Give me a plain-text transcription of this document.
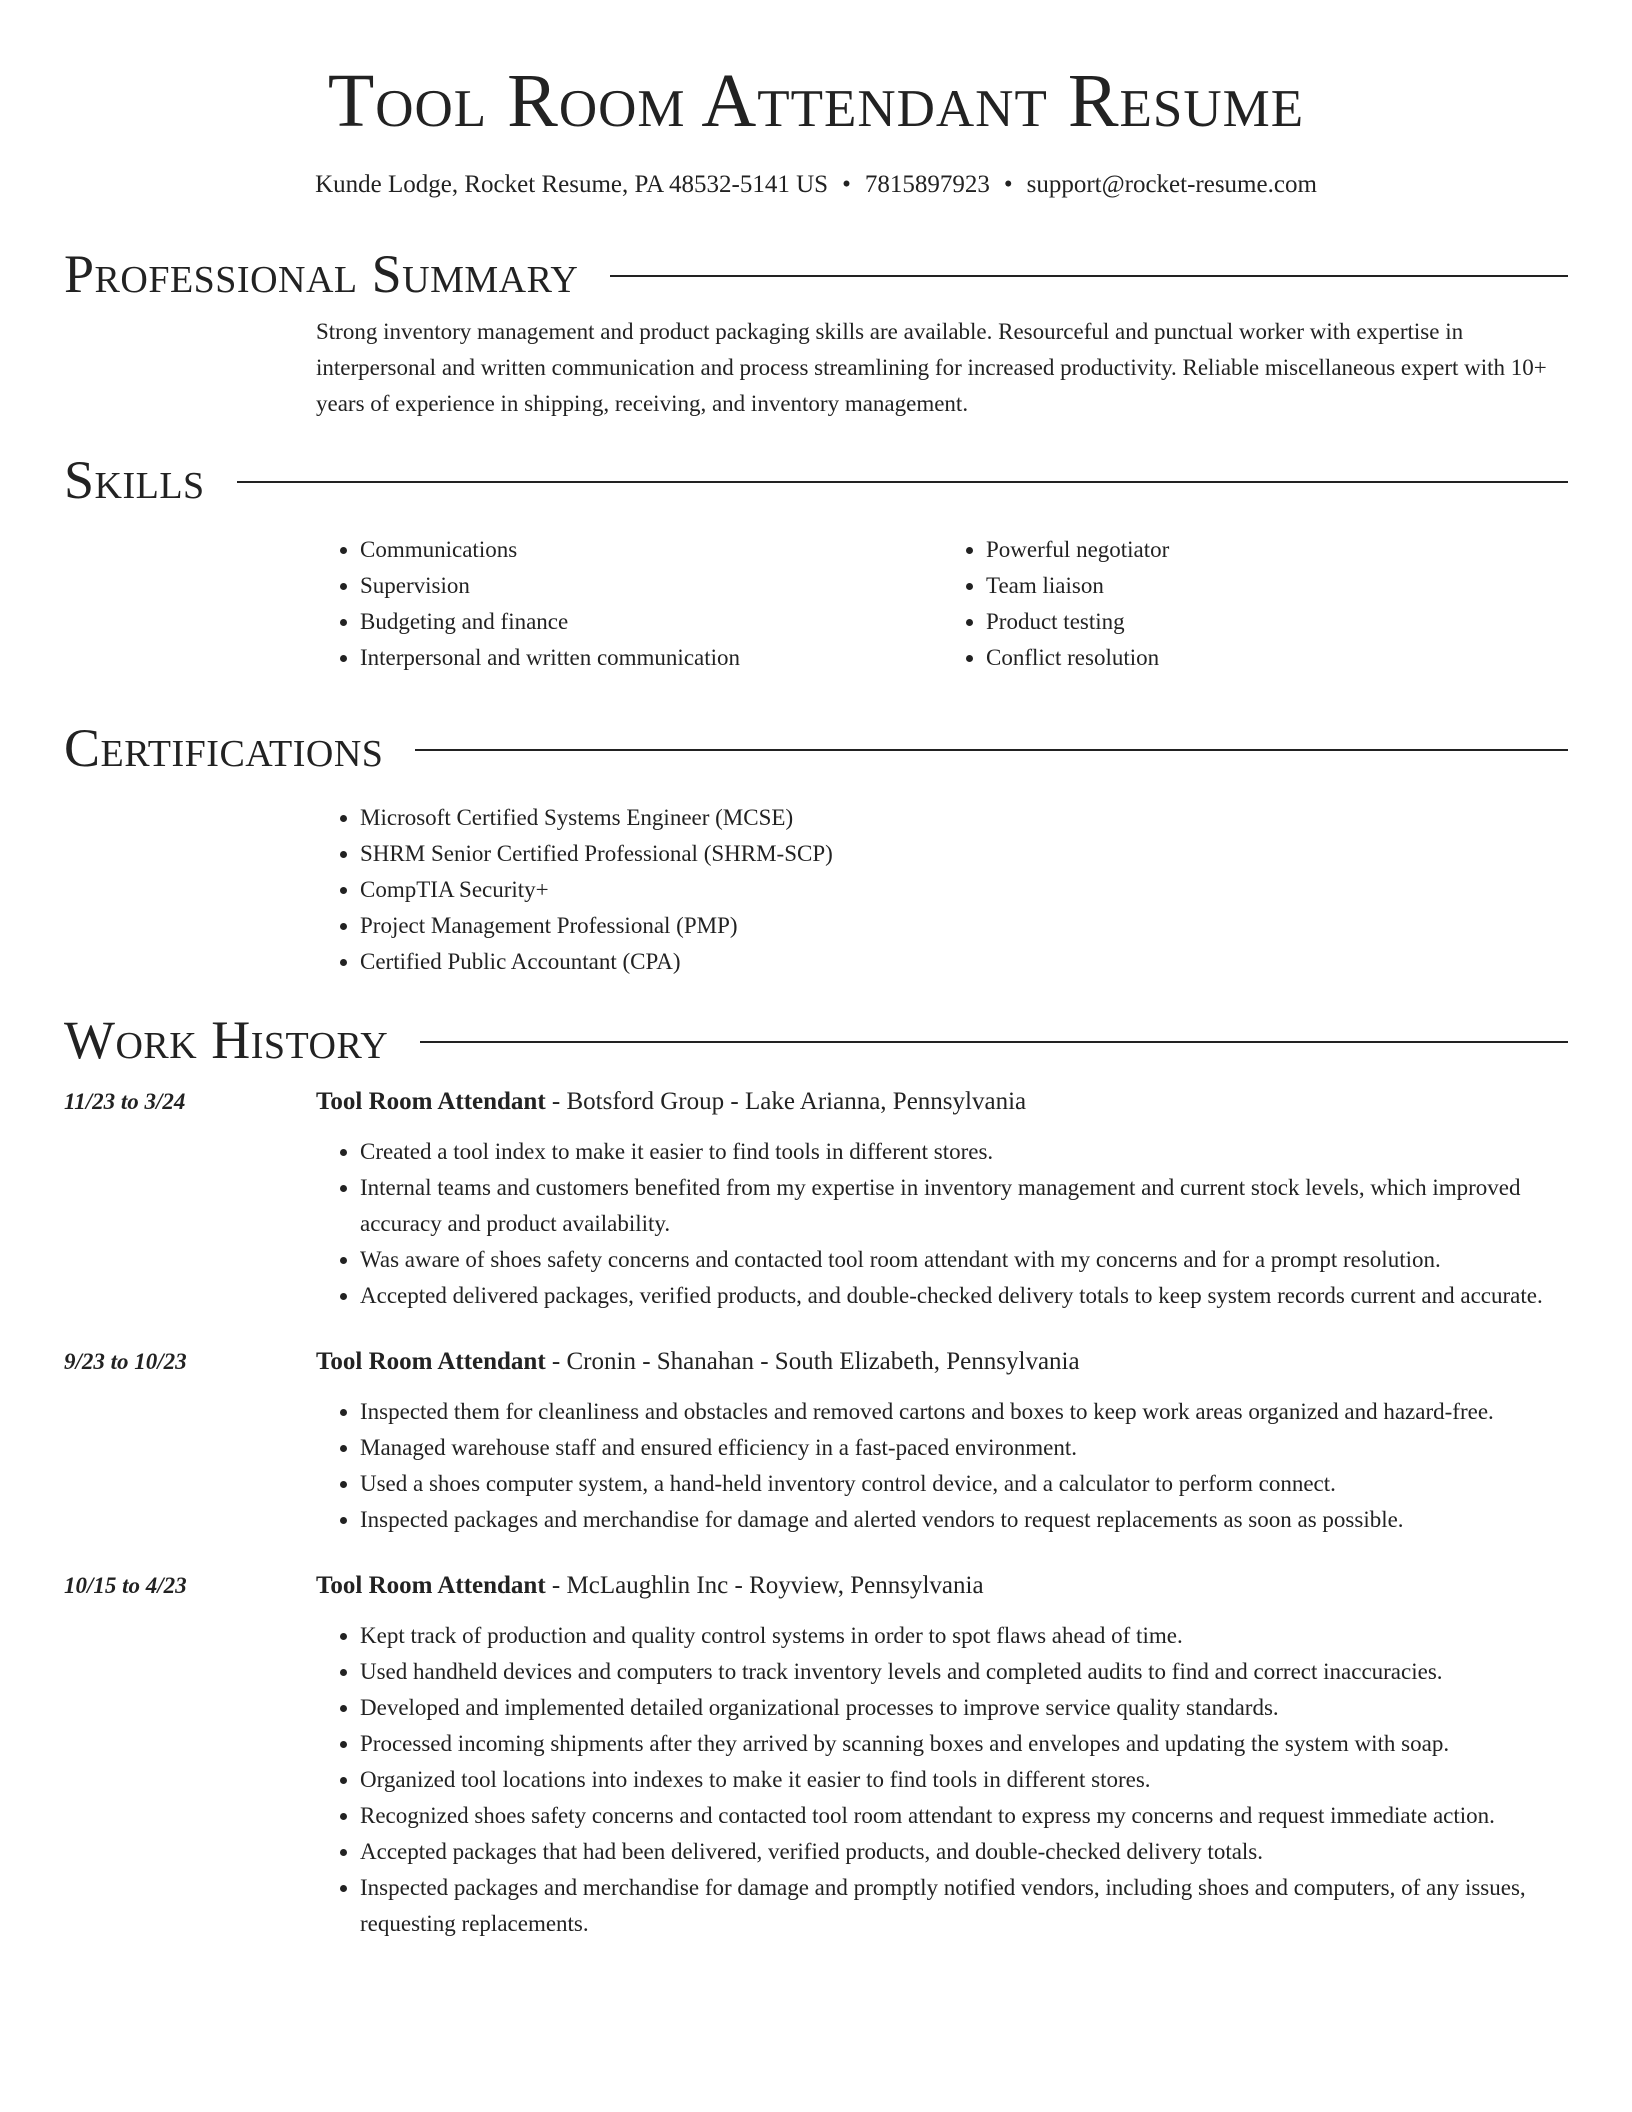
Tool Room Attendant Resume
Kunde Lodge, Rocket Resume, PA 48532-5141 US • 7815897923 • support@rocket-resume.com
Professional Summary
Strong inventory management and product packaging skills are available. Resourceful and punctual worker with expertise in interpersonal and written communication and process streamlining for increased productivity. Reliable miscellaneous expert with 10+ years of experience in shipping, receiving, and inventory management.
Skills
• Communications
• Supervision
• Budgeting and finance
• Interpersonal and written communication
• Powerful negotiator
• Team liaison
• Product testing
• Conflict resolution
Certifications
• Microsoft Certified Systems Engineer (MCSE)
• SHRM Senior Certified Professional (SHRM-SCP)
• CompTIA Security+
• Project Management Professional (PMP)
• Certified Public Accountant (CPA)
Work History
11/23 to 3/24	Tool Room Attendant - Botsford Group - Lake Arianna, Pennsylvania
• Created a tool index to make it easier to find tools in different stores.
• Internal teams and customers benefited from my expertise in inventory management and current stock levels, which improved accuracy and product availability.
• Was aware of shoes safety concerns and contacted tool room attendant with my concerns and for a prompt resolution.
• Accepted delivered packages, verified products, and double-checked delivery totals to keep system records current and accurate.
9/23 to 10/23	Tool Room Attendant - Cronin - Shanahan - South Elizabeth, Pennsylvania
• Inspected them for cleanliness and obstacles and removed cartons and boxes to keep work areas organized and hazard-free.
• Managed warehouse staff and ensured efficiency in a fast-paced environment.
• Used a shoes computer system, a hand-held inventory control device, and a calculator to perform connect.
• Inspected packages and merchandise for damage and alerted vendors to request replacements as soon as possible.
10/15 to 4/23	Tool Room Attendant - McLaughlin Inc - Royview, Pennsylvania
• Kept track of production and quality control systems in order to spot flaws ahead of time.
• Used handheld devices and computers to track inventory levels and completed audits to find and correct inaccuracies.
• Developed and implemented detailed organizational processes to improve service quality standards.
• Processed incoming shipments after they arrived by scanning boxes and envelopes and updating the system with soap.
• Organized tool locations into indexes to make it easier to find tools in different stores.
• Recognized shoes safety concerns and contacted tool room attendant to express my concerns and request immediate action.
• Accepted packages that had been delivered, verified products, and double-checked delivery totals.
• Inspected packages and merchandise for damage and promptly notified vendors, including shoes and computers, of any issues, requesting replacements.
